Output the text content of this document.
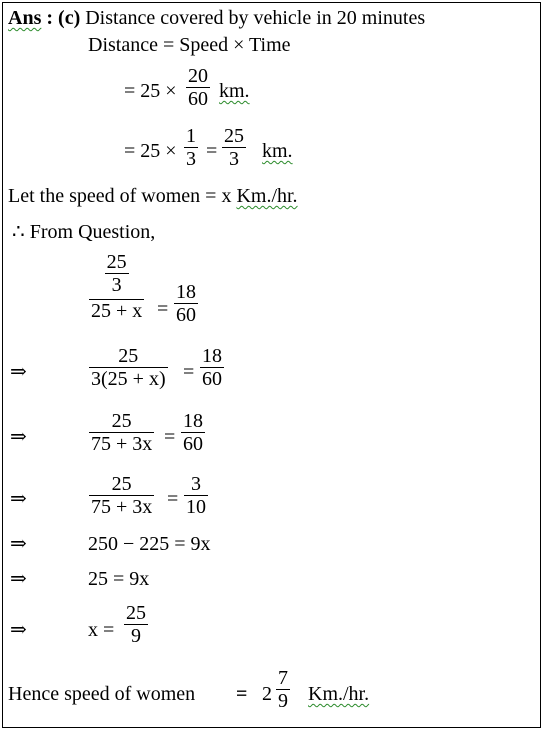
Ans : (c) Distance covered by vehicle in 20 minutes
Distance = Speed × Time
= 25 ×
20
60 km.
= 25 ×
1
3 =
25
3 km.
Let the speed of women = x Km./hr.
∴ From Question,
25
3
25 + x =
18
60
⇒
25
3(25 + x) =
18
60
⇒
25
75 + 3x =
18
60
⇒
25
75 + 3x =
3
10
⇒	250 − 225 = 9x
⇒	25 = 9x
⇒	x =
25
9
Hence speed of women = 2
7
9 Km./hr.
